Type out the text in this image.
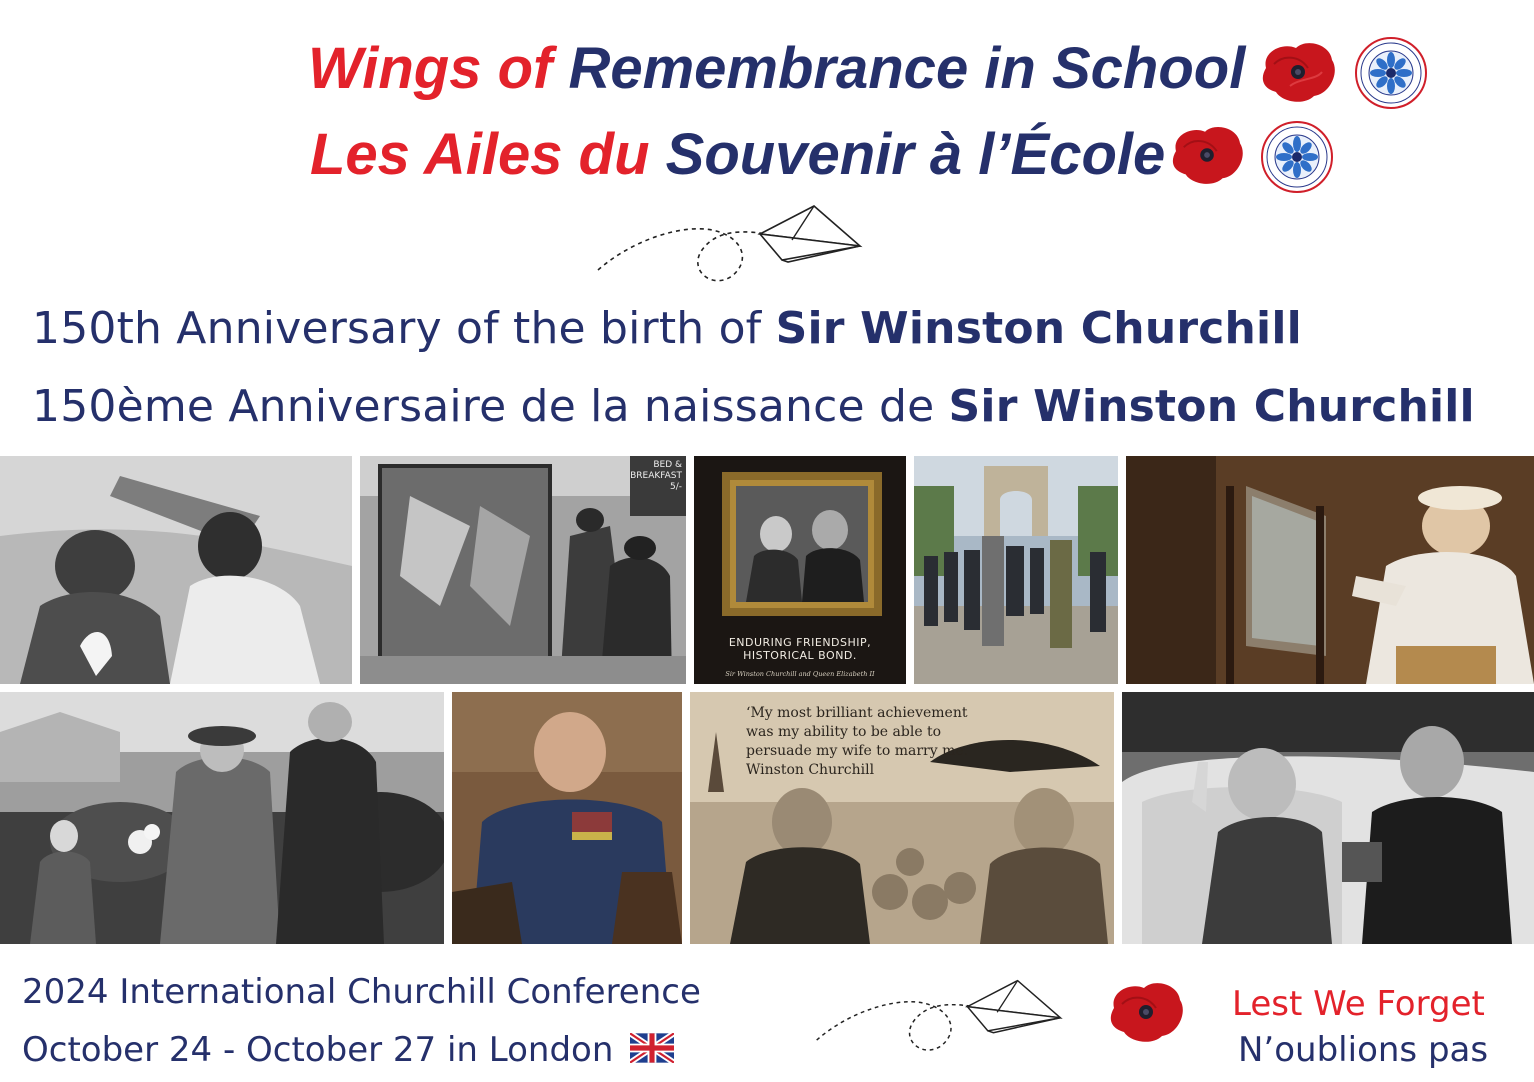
Wings of Remembrance in School
Les Ailes du Souvenir à l’École
150th Anniversary of the birth of Sir Winston Churchill
150ème Anniversaire de la naissance de Sir Winston Churchill
BED &
BREAKFAST
5/-
ENDURING FRIENDSHIP,
HISTORICAL BOND.
Sir Winston Churchill and Queen Elizabeth II
‘My most brilliant achievement
was my ability to be able to
persuade my wife to marry me.’
Winston Churchill
2024 International Churchill Conference
October 24 - October 27 in London
Lest We Forget
N’oublions pas
